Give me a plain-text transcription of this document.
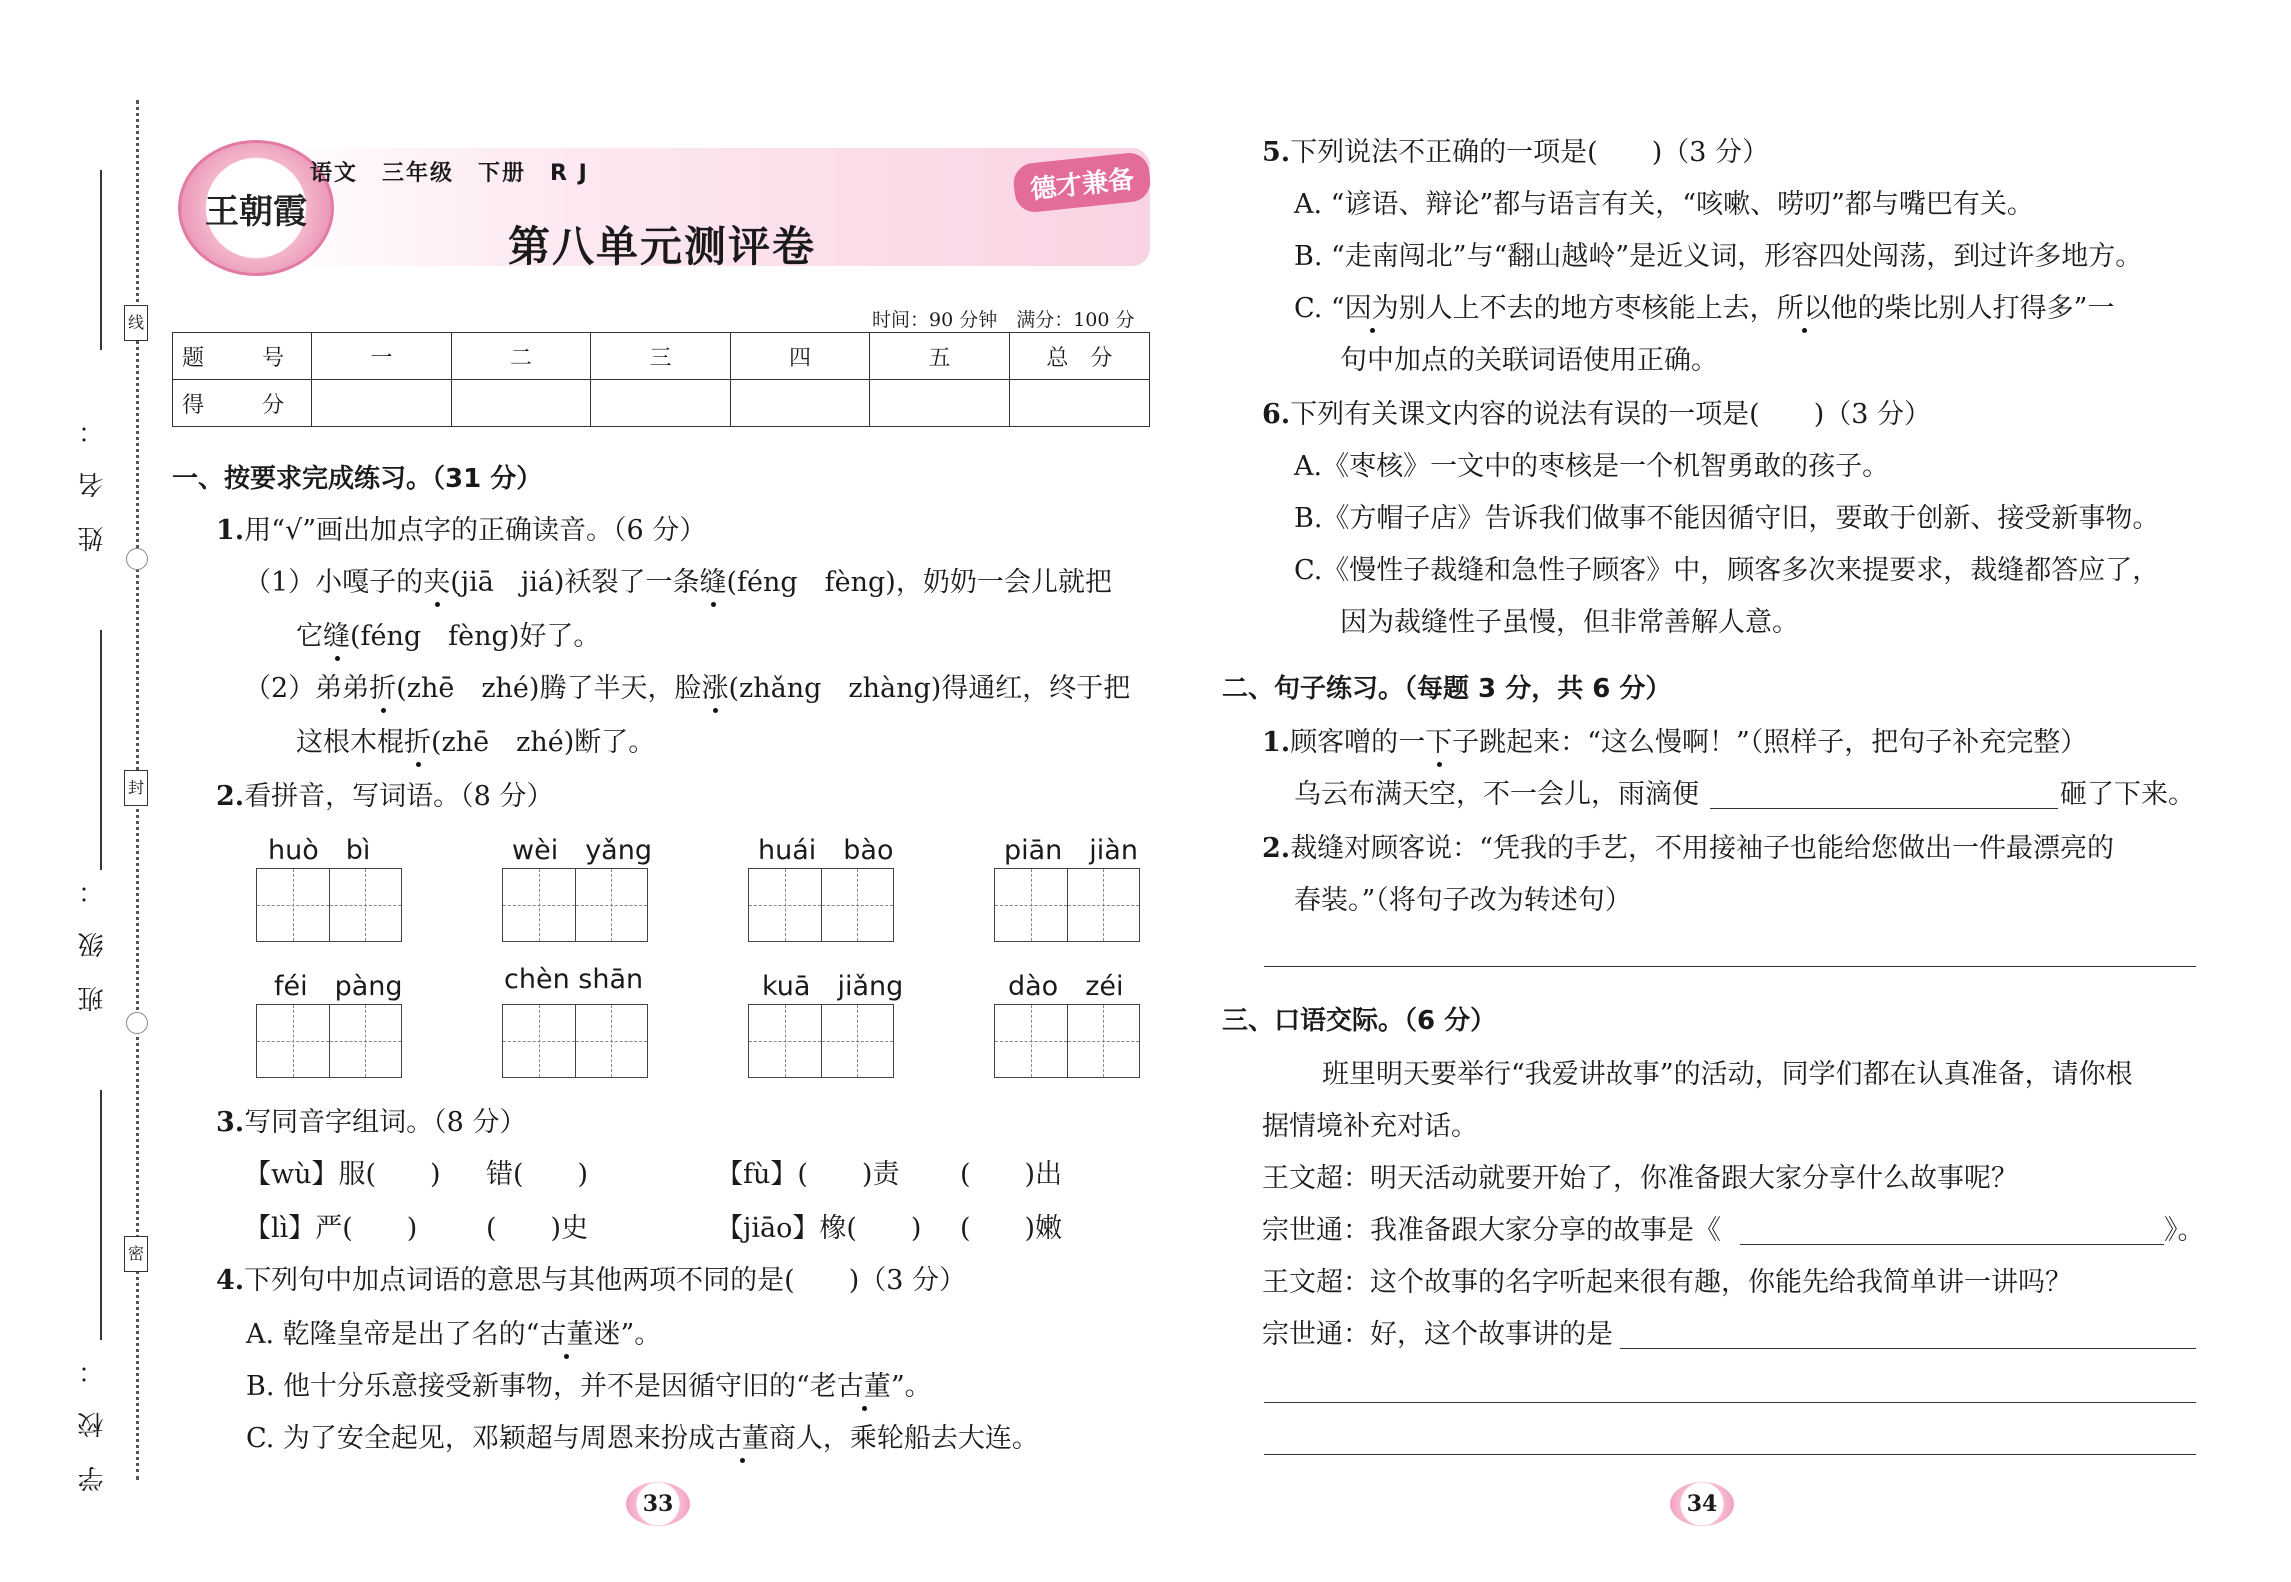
姓名：
班级：
学校：
线
封
密
王朝霞
语文　三年级　下册　R J	德才兼备
第八单元测评卷
时间：90 分钟　满分：100 分
题　号	一	二	三	四	五	总　分
得　分						
一、按要求完成练习。（31 分）
1.用“√”画出加点字的正确读音。（6 分）
（1）小嘎子的夹(jiā　jiá)袄裂了一条缝(féng　fèng)，奶奶一会儿就把
它缝(féng　fèng)好了。
（2）弟弟折(zhē　zhé)腾了半天，脸涨(zhǎng　zhàng)得通红，终于把
这根木棍折(zhē　zhé)断了。
2.看拼音，写词语。（8 分）
huò　bì	wèi　yǎng	huái　bào	piān　jiàn
féi　pàng	chèn shān	kuā　jiǎng	dào　zéi
3.写同音字组词。（8 分）
【wù】服(　　) 错(　　)	【fù】(　　)责 (　　)出
【lì】严(　　)	(　　)史	【jiāo】橡(　　) (　　)嫩
4.下列句中加点词语的意思与其他两项不同的是(　　)（3 分）
A. 乾隆皇帝是出了名的“古董迷”。
B. 他十分乐意接受新事物，并不是因循守旧的“老古董”。
C. 为了安全起见，邓颖超与周恩来扮成古董商人，乘轮船去大连。
33
5.下列说法不正确的一项是(　　)（3 分）
A. “谚语、辩论”都与语言有关，“咳嗽、唠叨”都与嘴巴有关。
B. “走南闯北”与“翻山越岭”是近义词，形容四处闯荡，到过许多地方。
C. “因为别人上不去的地方枣核能上去，所以他的柴比别人打得多”一
句中加点的关联词语使用正确。
6.下列有关课文内容的说法有误的一项是(　　)（3 分）
A.《枣核》一文中的枣核是一个机智勇敢的孩子。
B.《方帽子店》告诉我们做事不能因循守旧，要敢于创新、接受新事物。
C.《慢性子裁缝和急性子顾客》中，顾客多次来提要求，裁缝都答应了，
因为裁缝性子虽慢，但非常善解人意。
二、句子练习。（每题 3 分，共 6 分）
1.顾客噌的一下子跳起来：“这么慢啊！”（照样子，把句子补充完整）
乌云布满天空，不一会儿，雨滴便	砸了下来。
2.裁缝对顾客说：“凭我的手艺，不用接袖子也能给您做出一件最漂亮的
春装。”（将句子改为转述句）
三、口语交际。（6 分）
班里明天要举行“我爱讲故事”的活动，同学们都在认真准备，请你根
据情境补充对话。
王文超：明天活动就要开始了，你准备跟大家分享什么故事呢？
宗世通：我准备跟大家分享的故事是《	》。
王文超：这个故事的名字听起来很有趣，你能先给我简单讲一讲吗？
宗世通：好，这个故事讲的是
34
